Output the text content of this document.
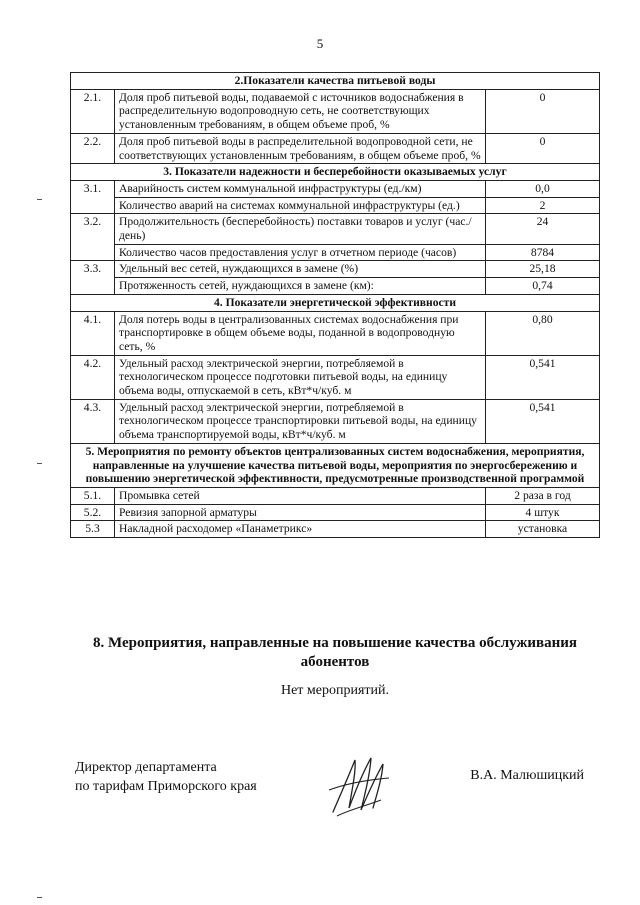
5
2.Показатели качества питьевой воды		
2.1.	Доля проб питьевой воды, подаваемой с источников водоснабжения в распределительную водопроводную сеть, не соответствующих установленным требованиям, в общем объеме проб, %	0
2.2.	Доля проб питьевой воды в распределительной водопроводной сети, не соответствующих установленным требованиям, в общем объеме проб, %	0
3. Показатели надежности и бесперебойности оказываемых услуг		
3.1.	Аварийность систем коммунальной инфраструктуры (ед./км)	0,0
	Количество аварий на системах коммунальной инфраструктуры (ед.)	2
3.2.	Продолжительность (бесперебойность) поставки товаров и услуг (час./день)	24
	Количество часов предоставления услуг в отчетном периоде (часов)	8784
3.3.	Удельный вес сетей, нуждающихся в замене (%)	25,18
	Протяженность сетей, нуждающихся в замене (км):	0,74
4. Показатели энергетической эффективности		
4.1.	Доля потерь воды в централизованных системах водоснабжения при транспортировке в общем объеме воды, поданной в водопроводную сеть, %	0,80
4.2.	Удельный расход электрической энергии, потребляемой в технологическом процессе подготовки питьевой воды, на единицу объема воды, отпускаемой в сеть, кВт*ч/куб. м	0,541
4.3.	Удельный расход электрической энергии, потребляемой в технологическом процессе транспортировки питьевой воды, на единицу объема транспортируемой воды, кВт*ч/куб. м	0,541
5. Мероприятия по ремонту объектов централизованных систем водоснабжения, мероприятия, направленные на улучшение качества питьевой воды, мероприятия по энергосбережению и повышению энергетической эффективности, предусмотренные производственной программой		
5.1.	Промывка сетей	2 раза в год
5.2.	Ревизия запорной арматуры	4 штук
5.3	Накладной расходомер «Панаметрикс»	установка
8. Мероприятия, направленные на повышение качества обслуживания абонентов
Нет мероприятий.
Директор департамента
по тарифам Приморского края
В.А. Малюшицкий
